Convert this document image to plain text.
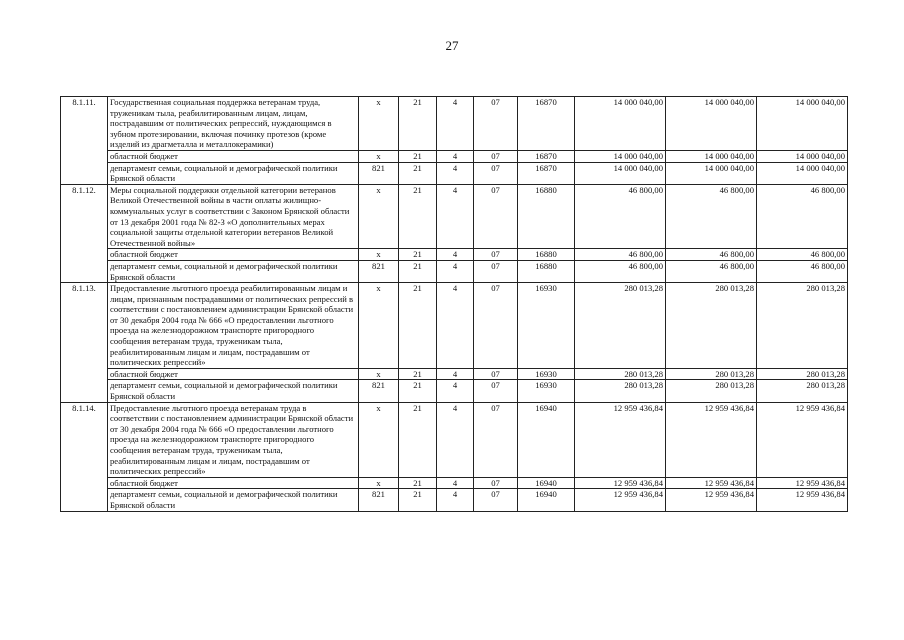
27
8.1.11.	Государственная социальная поддержка ветеранам труда, труженикам тыла, реабилитированным лицам, лицам, пострадавшим от политических репрессий, нуждающимся в зубном протезировании, включая починку протезов (кроме изделий из драгметалла и металлокерамики)	х	21	4	07	16870	14 000 040,00	14 000 040,00	14 000 040,00
	областной бюджет	х	21	4	07	16870	14 000 040,00	14 000 040,00	14 000 040,00
	департамент семьи, социальной и демографической политики Брянской области	821	21	4	07	16870	14 000 040,00	14 000 040,00	14 000 040,00
8.1.12.	Меры социальной поддержки отдельной категории ветеранов Великой Отечественной войны в части оплаты жилищно-коммунальных услуг в соответствии с Законом Брянской области от 13 декабря 2001 года № 82-З «О дополнительных мерах социальной защиты отдельной категории ветеранов Великой Отечественной войны»	х	21	4	07	16880	46 800,00	46 800,00	46 800,00
	областной бюджет	х	21	4	07	16880	46 800,00	46 800,00	46 800,00
	департамент семьи, социальной и демографической политики Брянской области	821	21	4	07	16880	46 800,00	46 800,00	46 800,00
8.1.13.	Предоставление льготного проезда реабилитированным лицам и лицам, признанным пострадавшими от политических репрессий в соответствии с постановлением администрации Брянской области от 30 декабря 2004 года № 666 «О предоставлении льготного проезда на железнодорожном транспорте пригородного сообщения ветеранам труда, труженикам тыла, реабилитированным лицам и лицам, пострадавшим от политических репрессий»	х	21	4	07	16930	280 013,28	280 013,28	280 013,28
	областной бюджет	х	21	4	07	16930	280 013,28	280 013,28	280 013,28
	департамент семьи, социальной и демографической политики Брянской области	821	21	4	07	16930	280 013,28	280 013,28	280 013,28
8.1.14.	Предоставление льготного проезда ветеранам труда в соответствии с постановлением администрации Брянской области от 30 декабря 2004 года № 666 «О предоставлении льготного проезда на железнодорожном транспорте пригородного сообщения ветеранам труда, труженикам тыла, реабилитированным лицам и лицам, пострадавшим от политических репрессий»	х	21	4	07	16940	12 959 436,84	12 959 436,84	12 959 436,84
	областной бюджет	х	21	4	07	16940	12 959 436,84	12 959 436,84	12 959 436,84
	департамент семьи, социальной и демографической политики Брянской области	821	21	4	07	16940	12 959 436,84	12 959 436,84	12 959 436,84
